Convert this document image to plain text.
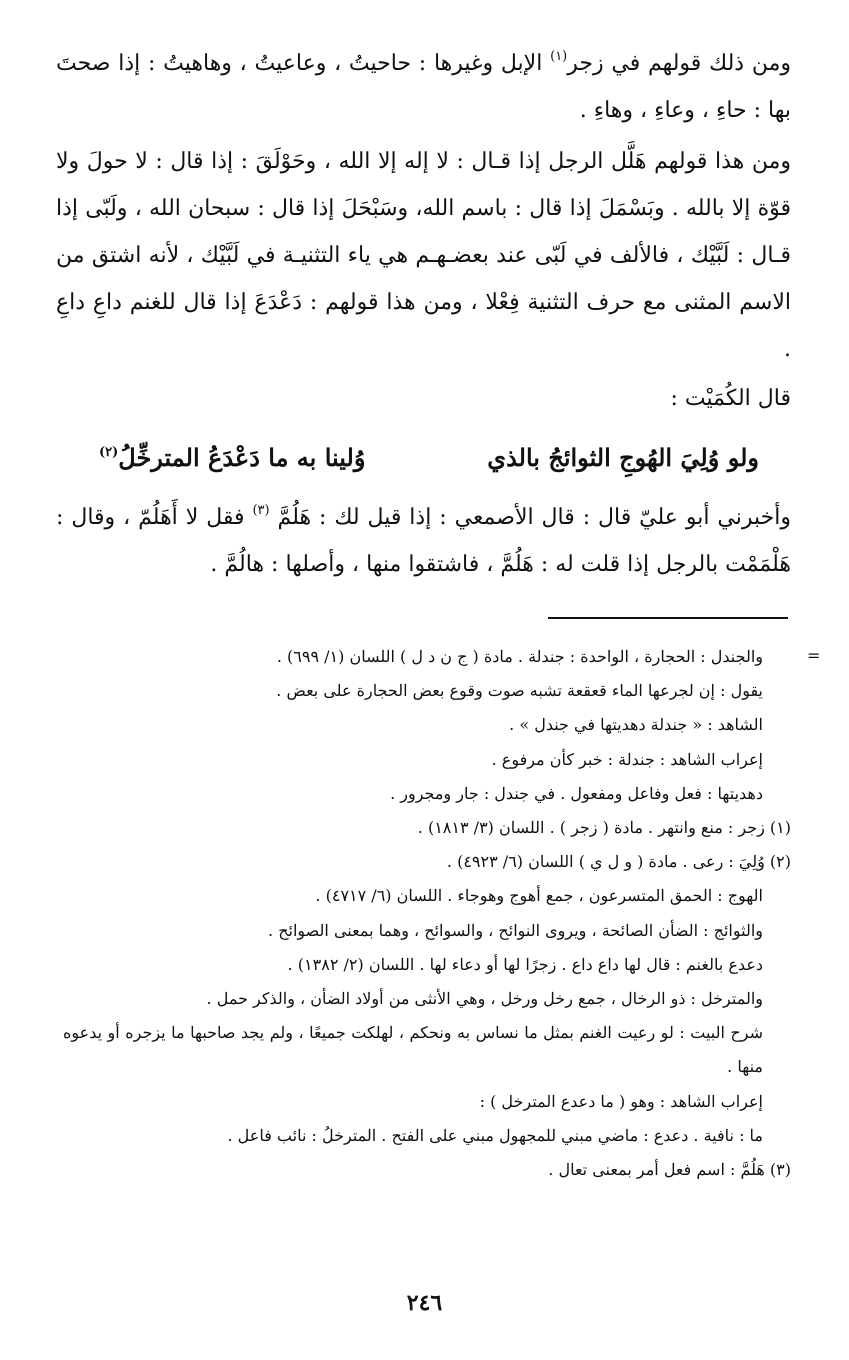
ومن ذلك قولهم في زجر$^{(١)}$ الإبل وغيرها : حاحيتُ ، وعاعيتُ ، وهاهيتُ : إذا صحتَ بها : حاءِ ، وعاءِ ، وهاءِ .

ومن هذا قولهم هَلَّل الرجل إذا قـال : لا إله إلا الله ، وحَوْلَقَ : إذا قال : لا حولَ ولا قوّة إلا بالله . وبَسْمَلَ إذا قال : باسم الله، وسَبْحَلَ إذا قال : سبحان الله ، ولَبّى إذا قـال : لَبَّيْك ، فالألف في لَبّى عند بعضـهـم هي ياء التثنيـة في لَبَّيْك ، لأنه اشتق من الاسم المثنى مع حرف التثنية فِعْلا ، ومن هذا قولهم : دَعْدَعَ إذا قال للغنم داعِ داعِ .

قال الكُمَيْت :

ولو وُلِيَ الهُوجِ الثوائجُ بالذي
وُلينا به ما دَعْدَعُ المترخِّلُ$^{(٢)}$

وأخبرني أبو عليّ قال : قال الأصمعي : إذا قيل لك : هَلُمَّ $^{(٣)}$ فقل لا أَهَلُمّ ، وقال : هَلْمَمْت بالرجل إذا قلت له : هَلُمَّ ، فاشتقوا منها ، وأصلها : هالُمَّ .

=

والجندل : الحجارة ، الواحدة : جندلة . مادة ( ج ن د ل ) اللسان (١/ ٦٩٩) .

يقول : إن لجرعها الماء قعقعة تشبه صوت وقوع بعض الحجارة على بعض .

الشاهد : « جندلة دهديتها في جندل » .

إعراب الشاهد : جندلة : خبر كأن مرفوع .

دهديتها : فعل وفاعل ومفعول . في جندل : جار ومجرور .

(١) زجر : منع وانتهر . مادة ( زجر ) . اللسان (٣/ ١٨١٣) .

(٢) وُلِيَ : رعى . مادة ( و ل ي ) اللسان (٦/ ٤٩٢٣) .

الهوج : الحمق المتسرعون ، جمع أهوج وهوجاء . اللسان (٦/ ٤٧١٧) .

والثوائج : الضأن الصائحة ، ويروى النوائح ، والسوائح ، وهما بمعنى الصوائح .

دعدع بالغنم : قال لها داع داع . زجرًا لها أو دعاء لها . اللسان (٢/ ١٣٨٢) .

والمترخل : ذو الرخال ، جمع رخل ورخل ، وهي الأنثى من أولاد الضأن ، والذكر حمل .

شرح البيت : لو رعيت الغنم بمثل ما نساس به ونحكم ، لهلكت جميعًا ، ولم يجد صاحبها ما يزجره أو يدعوه منها .

إعراب الشاهد : وهو ( ما دعدع المترخل ) :

ما : نافية . دعدع : ماضي مبني للمجهول مبني على الفتح . المترخلُ : نائب فاعل .

(٣) هَلُمَّ : اسم فعل أمر بمعنى تعال .

٢٤٦
